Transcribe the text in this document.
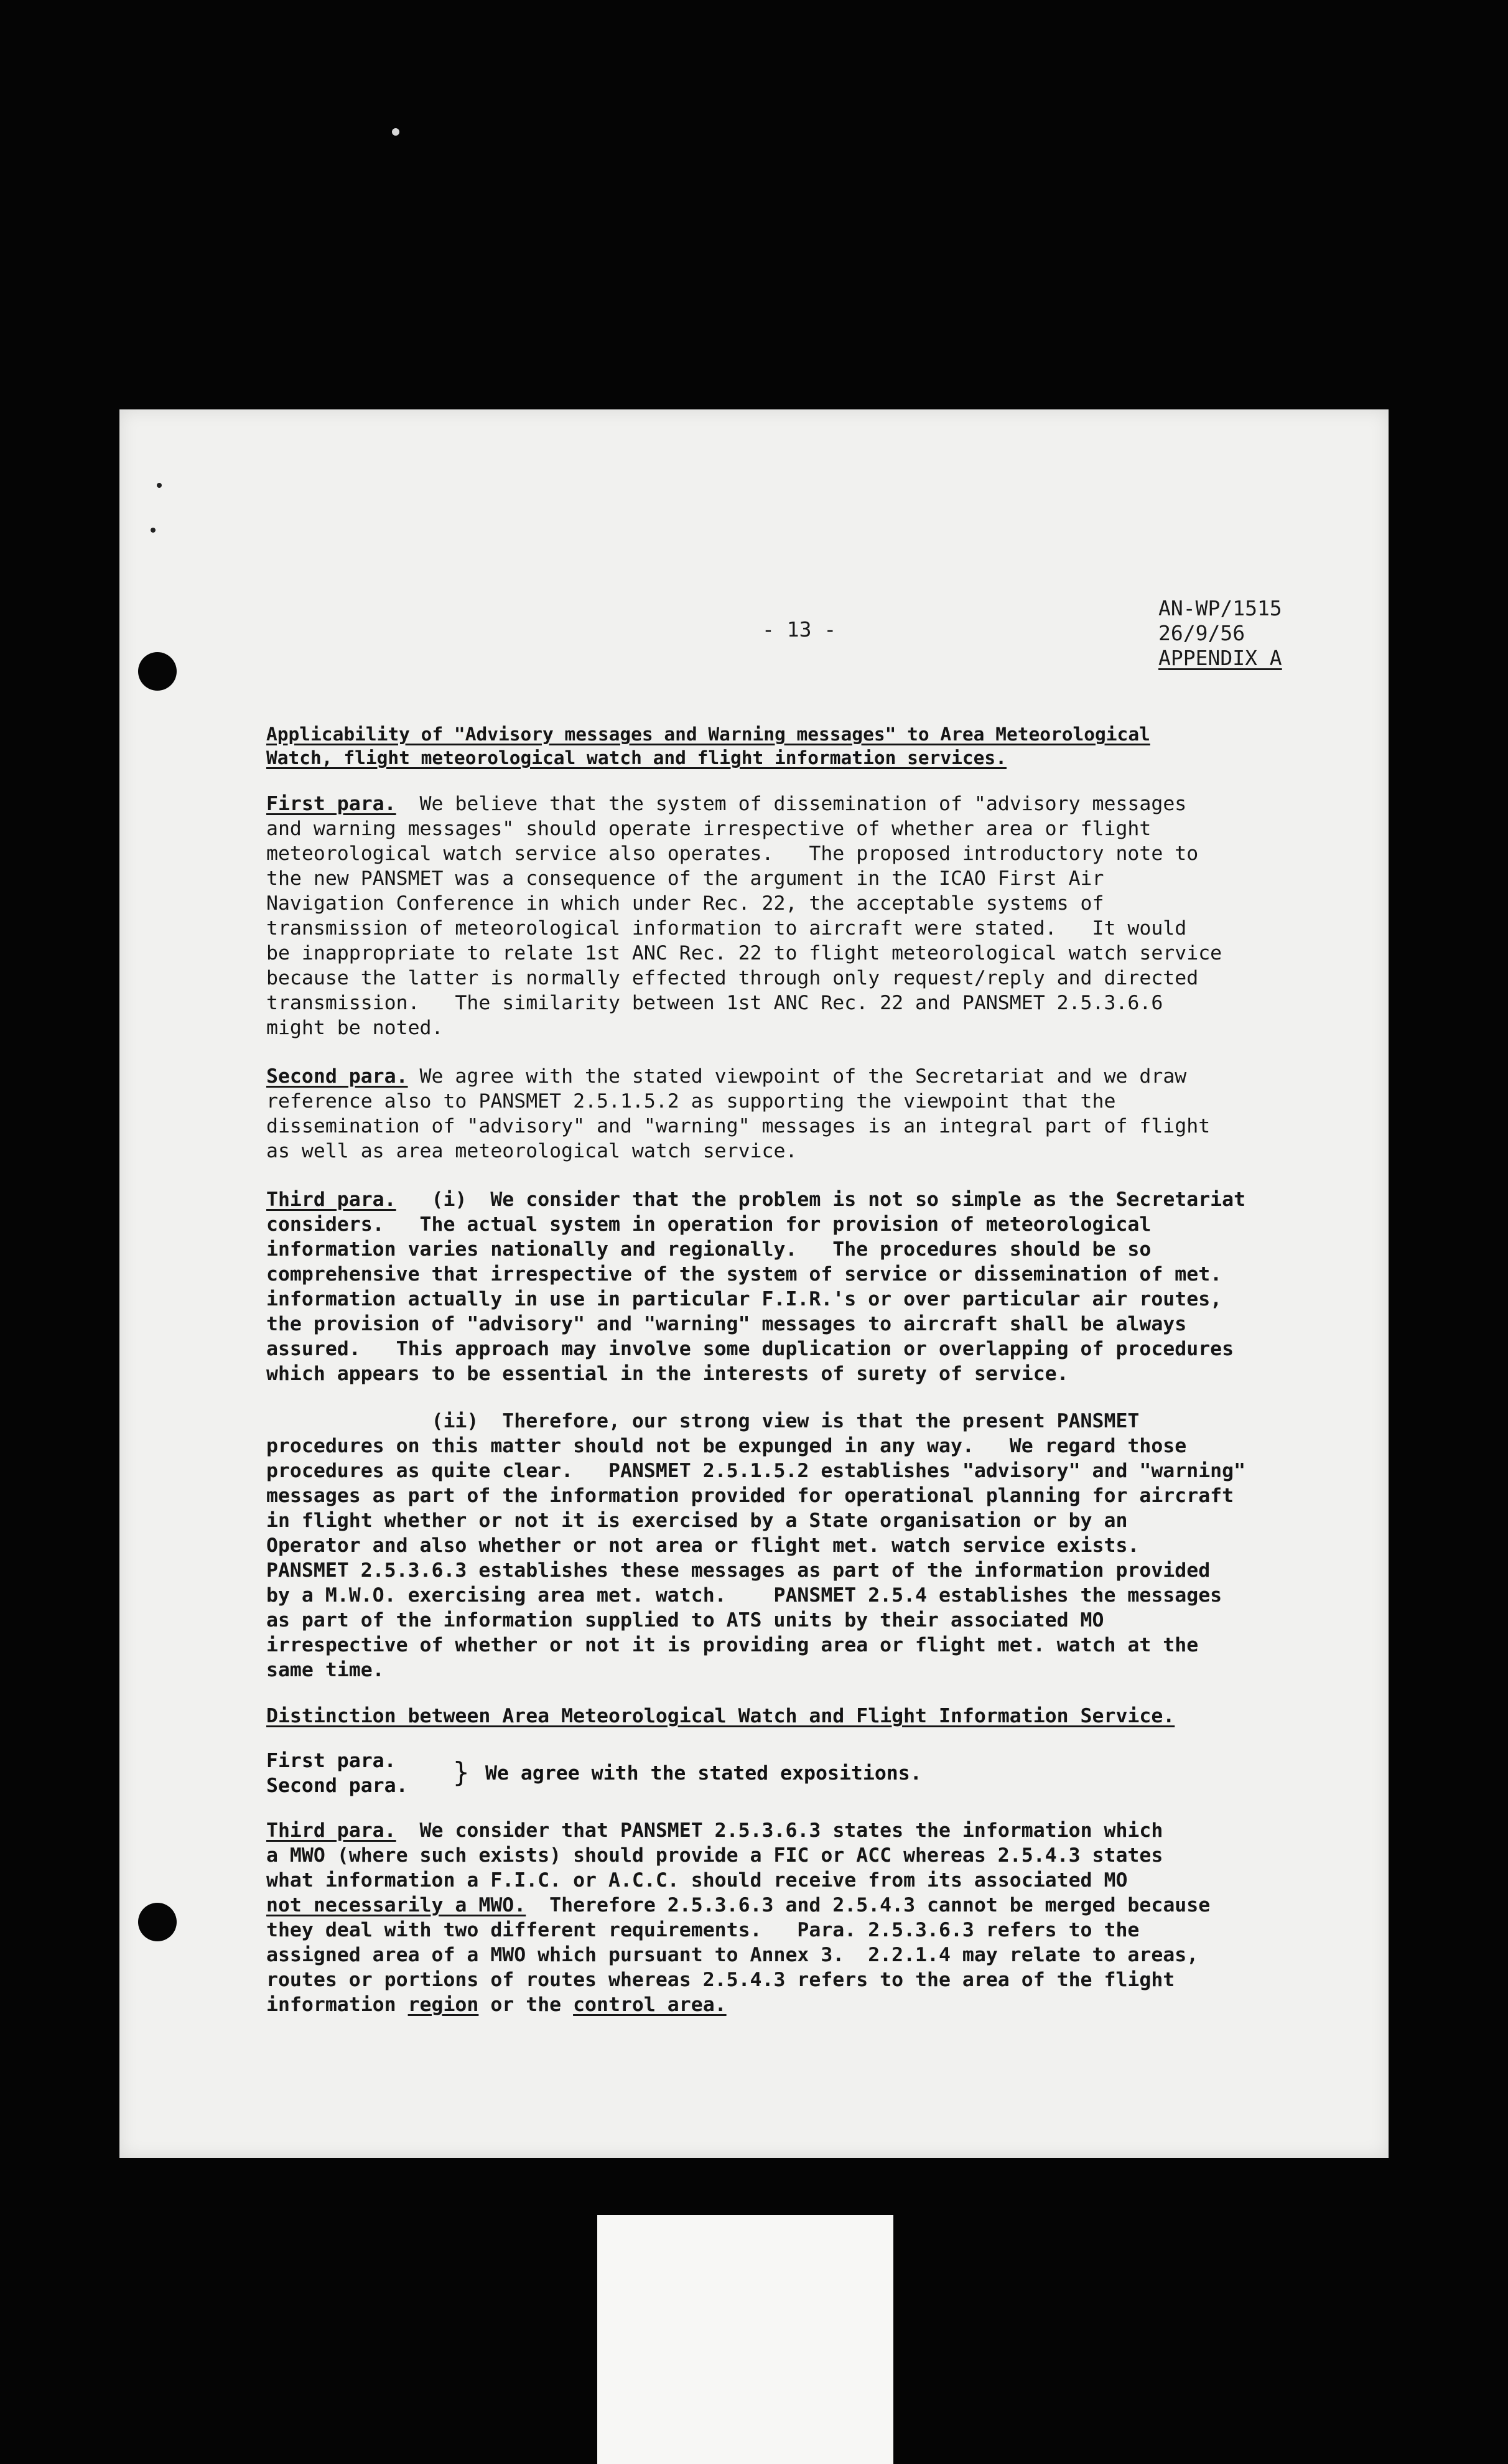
- 13 -
AN-WP/1515
26/9/56
APPENDIX A
Applicability of "Advisory messages and Warning messages" to Area Meteorological
Watch, flight meteorological watch and flight information services.
First para.  We believe that the system of dissemination of "advisory messages
and warning messages" should operate irrespective of whether area or flight
meteorological watch service also operates.   The proposed introductory note to
the new PANSMET was a consequence of the argument in the ICAO First Air
Navigation Conference in which under Rec. 22, the acceptable systems of
transmission of meteorological information to aircraft were stated.   It would
be inappropriate to relate 1st ANC Rec. 22 to flight meteorological watch service
because the latter is normally effected through only request/reply and directed
transmission.   The similarity between 1st ANC Rec. 22 and PANSMET 2.5.3.6.6
might be noted.
Second para. We agree with the stated viewpoint of the Secretariat and we draw
reference also to PANSMET 2.5.1.5.2 as supporting the viewpoint that the
dissemination of "advisory" and "warning" messages is an integral part of flight
as well as area meteorological watch service.
Third para.   (i)  We consider that the problem is not so simple as the Secretariat
considers.   The actual system in operation for provision of meteorological
information varies nationally and regionally.   The procedures should be so
comprehensive that irrespective of the system of service or dissemination of met.
information actually in use in particular F.I.R.'s or over particular air routes,
the provision of "advisory" and "warning" messages to aircraft shall be always
assured.   This approach may involve some duplication or overlapping of procedures
which appears to be essential in the interests of surety of service.
(ii)  Therefore, our strong view is that the present PANSMET
procedures on this matter should not be expunged in any way.   We regard those
procedures as quite clear.   PANSMET 2.5.1.5.2 establishes "advisory" and "warning"
messages as part of the information provided for operational planning for aircraft
in flight whether or not it is exercised by a State organisation or by an
Operator and also whether or not area or flight met. watch service exists.
PANSMET 2.5.3.6.3 establishes these messages as part of the information provided
by a M.W.O. exercising area met. watch.    PANSMET 2.5.4 establishes the messages
as part of the information supplied to ATS units by their associated MO
irrespective of whether or not it is providing area or flight met. watch at the
same time.
Distinction between Area Meteorological Watch and Flight Information Service.
First para.
Second para. } We agree with the stated expositions.
Third para.  We consider that PANSMET 2.5.3.6.3 states the information which
a MWO (where such exists) should provide a FIC or ACC whereas 2.5.4.3 states
what information a F.I.C. or A.C.C. should receive from its associated MO
not necessarily a MWO.  Therefore 2.5.3.6.3 and 2.5.4.3 cannot be merged because
they deal with two different requirements.   Para. 2.5.3.6.3 refers to the
assigned area of a MWO which pursuant to Annex 3.  2.2.1.4 may relate to areas,
routes or portions of routes whereas 2.5.4.3 refers to the area of the flight
information region or the control area.
